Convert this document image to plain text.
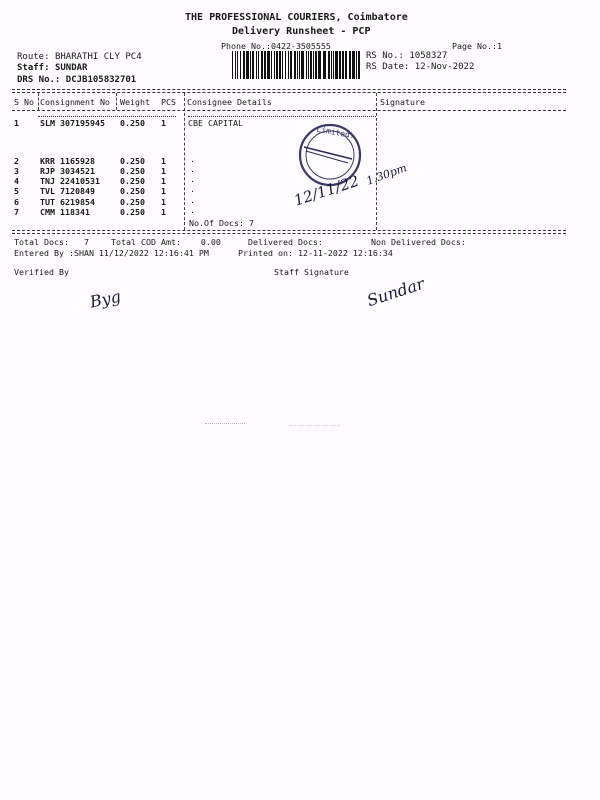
THE PROFESSIONAL COURIERS, Coimbatore
Delivery Runsheet - PCP
Phone No.:0422-3505555	Page No.:1
Route: BHARATHI CLY PC4
Staff: SUNDAR
DRS No.: DCJB105832701
RS No.: 1058327
RS Date: 12-Nov-2022
S No Consignment No Weight PCS Consignee Details	Signature
1	SLM 307195945 0.250 1	CBE CAPITAL
2	KRR 1165928	0.250 1	.
3	RJP 3034521	0.250 1	.
4	TNJ 22410531 0.250 1	.
5	TVL 7120849	0.250 1	.
6	TUT 6219854	0.250 1	.
7	CMM 118341	0.250 1	.
No.Of Docs: 7
Limited.
12/11/22 1.30pm
Total Docs: 7	Total COD Amt: 0.00	Delivered Docs:	Non Delivered Docs:
Entered By :SHAN 11/12/2022 12:16:41 PM	Printed on: 12-11-2022 12:16:34
Verified By	Staff Signature
Byg	Sundar
